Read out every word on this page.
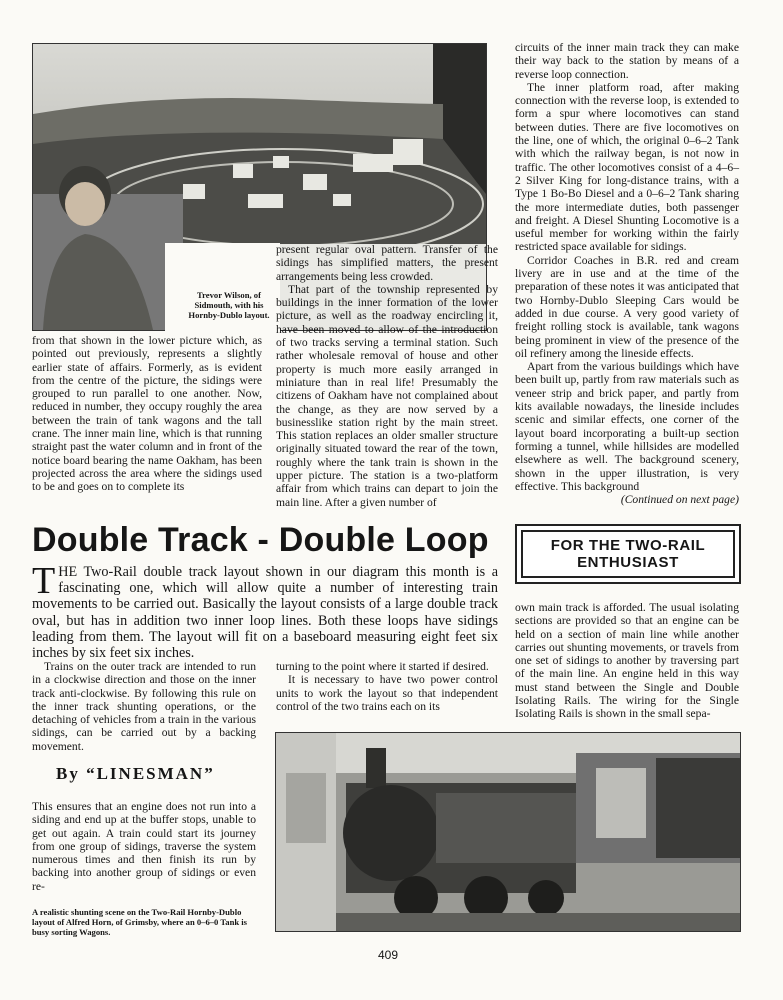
Trevor Wilson, of Sidmouth, with his Hornby-Dublo layout.

from that shown in the lower picture which, as pointed out previously, represents a slightly earlier state of affairs. Formerly, as is evident from the centre of the picture, the sidings were grouped to run parallel to one another. Now, reduced in number, they occupy roughly the area between the train of tank wagons and the tall crane. The inner main line, which is that running straight past the water column and in front of the notice board bearing the name Oakham, has been projected across the area where the sidings used to be and goes on to complete its

present regular oval pattern. Transfer of the sidings has simplified matters, the present arrangements being less crowded.

That part of the township represented by buildings in the inner formation of the lower picture, as well as the roadway encircling it, have been moved to allow of the introduction of two tracks serving a terminal station. Such rather wholesale removal of house and other property is much more easily arranged in miniature than in real life! Presumably the citizens of Oakham have not complained about the change, as they are now served by a businesslike station right by the main street. This station replaces an older smaller structure originally situated toward the rear of the town, roughly where the tank train is shown in the upper picture. The station is a two-platform affair from which trains can depart to join the main line. After a given number of

circuits of the inner main track they can make their way back to the station by means of a reverse loop connection.

The inner platform road, after making connection with the reverse loop, is extended to form a spur where locomotives can stand between duties. There are five locomotives on the line, one of which, the original 0–6–2 Tank with which the railway began, is not now in traffic. The other locomotives consist of a 4–6–2 Silver King for long-distance trains, with a Type 1 Bo-Bo Diesel and a 0–6–2 Tank sharing the more intermediate duties, both passenger and freight. A Diesel Shunting Locomotive is a useful member for working within the fairly restricted space available for sidings.

Corridor Coaches in B.R. red and cream livery are in use and at the time of the preparation of these notes it was anticipated that two Hornby-Dublo Sleeping Cars would be added in due course. A very good variety of freight rolling stock is available, tank wagons being prominent in view of the presence of the oil refinery among the lineside effects.

Apart from the various buildings which have been built up, partly from raw materials such as veneer strip and brick paper, and partly from kits available nowadays, the lineside includes scenic and similar effects, one corner of the layout board incorporating a built-up section forming a tunnel, while hillsides are modelled elsewhere as well. The background scenery, shown in the upper illustration, is very effective. This background

(Continued on next page)

Double Track - Double Loop	FOR THE TWO-RAIL
ENTHUSIAST
T HE Two-Rail double track layout shown in our diagram this month is a fascinating one, which will allow quite a number of interesting train movements to be carried out. Basically the layout consists of a large double track oval, but has in addition two inner loop lines. Both these loops have sidings leading from them. The layout will fit on a baseboard measuring eight feet six inches by six feet six inches.

Trains on the outer track are intended to run in a clockwise direction and those on the inner track anti-clockwise. By following this rule on the inner track shunting operations, or the detaching of vehicles from a train in the various sidings, can be carried out by a backing movement.

By “LINESMAN”

This ensures that an engine does not run into a siding and end up at the buffer stops, unable to get out again. A train could start its journey from one group of sidings, traverse the system numerous times and then finish its run by backing into another group of sidings or even re-

turning to the point where it started if desired.

It is necessary to have two power control units to work the layout so that independent control of the two trains each on its

own main track is afforded. The usual isolating sections are provided so that an engine can be held on a section of main line while another carries out shunting movements, or travels from one set of sidings to another by traversing part of the main line. An engine held in this way must stand between the Single and Double Isolating Rails. The wiring for the Single Isolating Rails is shown in the small sepa-

A realistic shunting scene on the Two-Rail Hornby-Dublo layout of Alfred Horn, of Grimsby, where an 0–6–0 Tank is busy sorting Wagons.
409
